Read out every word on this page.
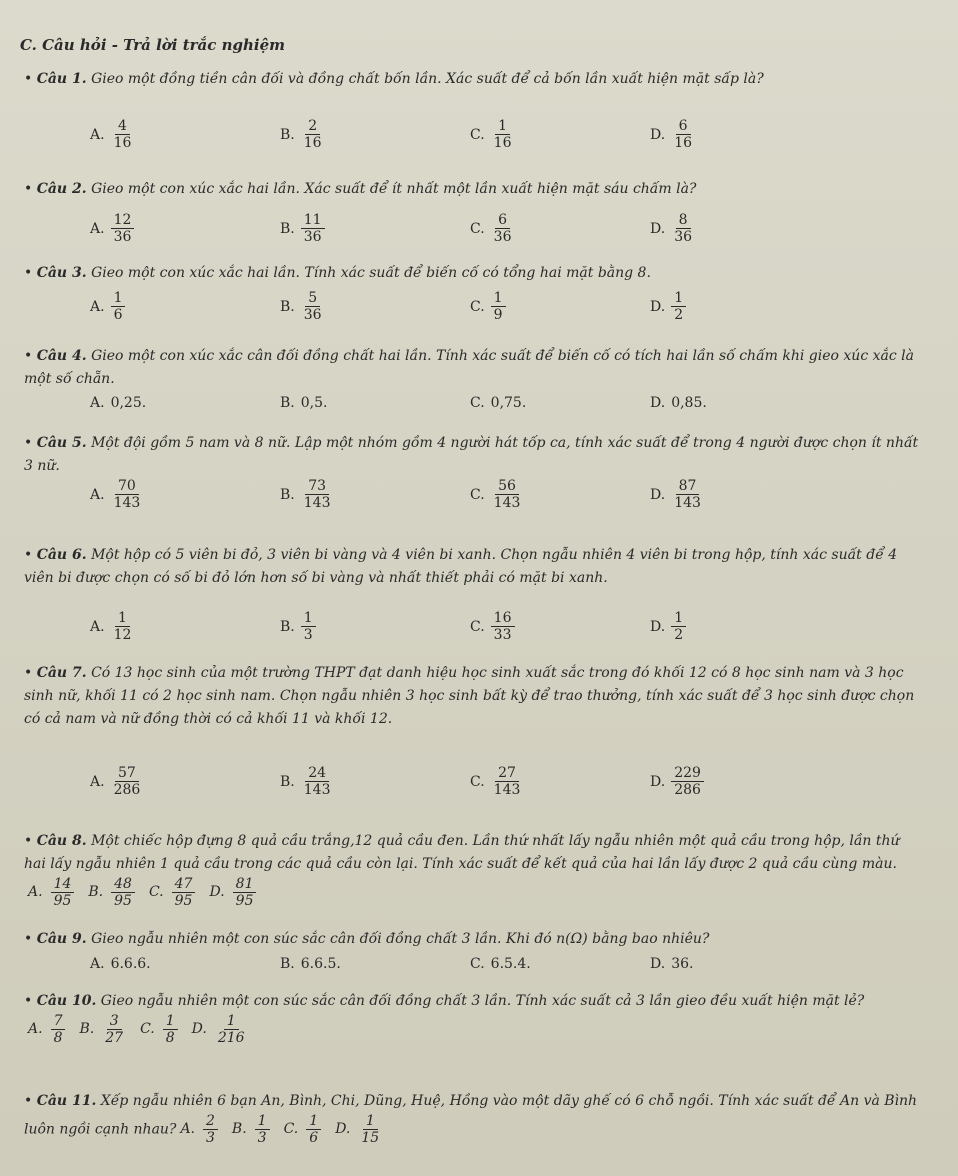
C. Câu hỏi - Trả lời trắc nghiệm
• Câu 1. Gieo một đồng tiền cân đối và đồng chất bốn lần. Xác suất để cả bốn lần xuất hiện mặt sấp là?
A. $\frac{4}{16}$	B. $\frac{2}{16}$	C. $\frac{1}{16}$	D. $\frac{6}{16}$
• Câu 2. Gieo một con xúc xắc hai lần. Xác suất để ít nhất một lần xuất hiện mặt sáu chấm là?
A. $\frac{12}{36}$	B. $\frac{11}{36}$	C. $\frac{6}{36}$	D. $\frac{8}{36}$
• Câu 3. Gieo một con xúc xắc hai lần. Tính xác suất để biến cố có tổng hai mặt bằng 8.
A. $\frac{1}{6}$	B. $\frac{5}{36}$	C. $\frac{1}{9}$	D. $\frac{1}{2}$
• Câu 4. Gieo một con xúc xắc cân đối đồng chất hai lần. Tính xác suất để biến cố có tích hai lần số chấm khi gieo xúc xắc là một số chẵn.
A. 0,25.	B. 0,5.	C. 0,75.	D. 0,85.
• Câu 5. Một đội gồm 5 nam và 8 nữ. Lập một nhóm gồm 4 người hát tốp ca, tính xác suất để trong 4 người được chọn ít nhất 3 nữ.
A. $\frac{70}{143}$	B. $\frac{73}{143}$	C. $\frac{56}{143}$	D. $\frac{87}{143}$
• Câu 6. Một hộp có 5 viên bi đỏ, 3 viên bi vàng và 4 viên bi xanh. Chọn ngẫu nhiên 4 viên bi trong hộp, tính xác suất để 4 viên bi được chọn có số bi đỏ lớn hơn số bi vàng và nhất thiết phải có mặt bi xanh.
A. $\frac{1}{12}$	B. $\frac{1}{3}$	C. $\frac{16}{33}$	D. $\frac{1}{2}$
• Câu 7. Có 13 học sinh của một trường THPT đạt danh hiệu học sinh xuất sắc trong đó khối 12 có 8 học sinh nam và 3 học sinh nữ, khối 11 có 2 học sinh nam. Chọn ngẫu nhiên 3 học sinh bất kỳ để trao thưởng, tính xác suất để 3 học sinh được chọn có cả nam và nữ đồng thời có cả khối 11 và khối 12.
A. $\frac{57}{286}$	B. $\frac{24}{143}$	C. $\frac{27}{143}$	D. $\frac{229}{286}$
• Câu 8. Một chiếc hộp đựng 8 quả cầu trắng,12 quả cầu đen. Lần thứ nhất lấy ngẫu nhiên một quả cầu trong hộp, lần thứ hai lấy ngẫu nhiên 1 quả cầu trong các quả cầu còn lại. Tính xác suất để kết quả của hai lần lấy được 2 quả cầu cùng màu.
A. $\frac{14}{95} B$. $\frac{48}{95} C$. $\frac{47}{95} D$. $\frac{81}{95}$
• Câu 9. Gieo ngẫu nhiên một con súc sắc cân đối đồng chất 3 lần. Khi đó n(Ω) bằng bao nhiêu?
A. 6.6.6.	B. 6.6.5.	C. 6.5.4.	D. 36.
• Câu 10. Gieo ngẫu nhiên một con súc sắc cân đối đồng chất 3 lần. Tính xác suất cả 3 lần gieo đều xuất hiện mặt lẻ?
A. $\frac{7}{8} B$. $\frac{3}{27} C$. $\frac{1}{8} D$. $\frac{1}{216}$
• Câu 11. Xếp ngẫu nhiên 6 bạn An, Bình, Chi, Dũng, Huệ, Hồng vào một dãy ghế có 6 chỗ ngồi. Tính xác suất để An và Bình luôn ngồi cạnh nhau? A. $\frac{2}{3} B$. $\frac{1}{3} C$. $\frac{1}{6} D$. $\frac{1}{15}$
